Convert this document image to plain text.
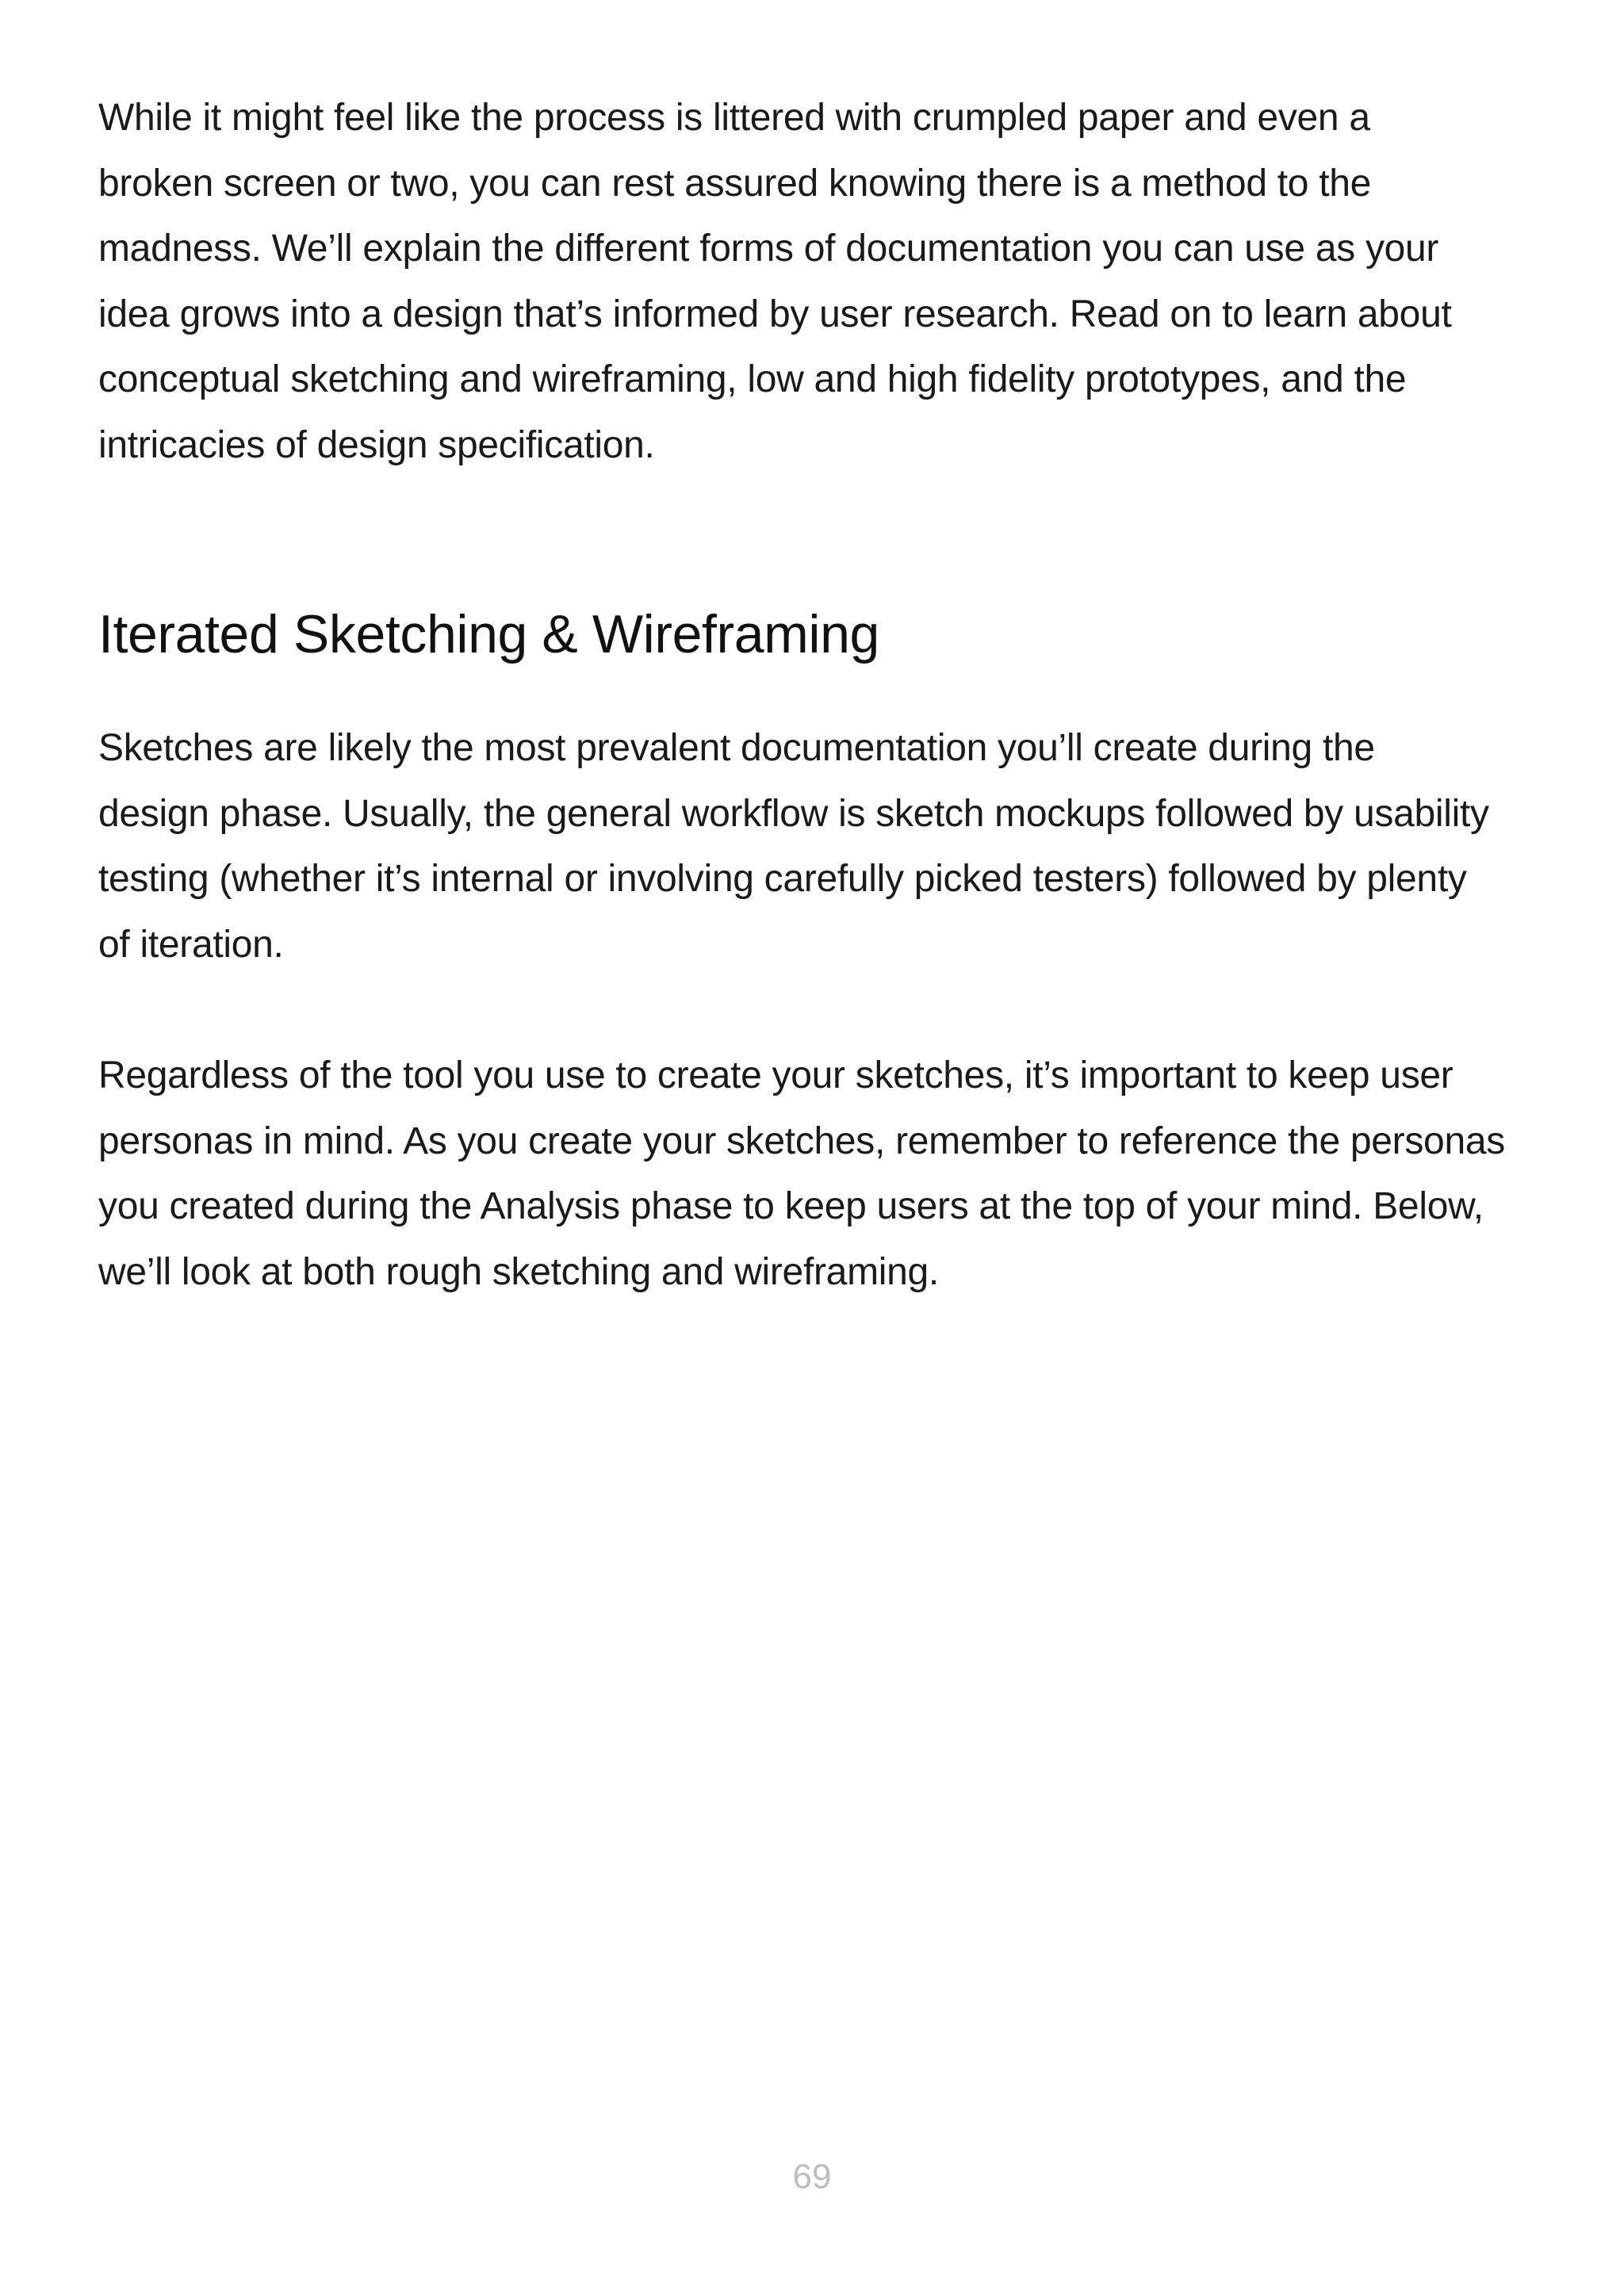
While it might feel like the process is littered with crumpled paper and even a
broken screen or two, you can rest assured knowing there is a method to the
madness. We’ll explain the different forms of documentation you can use as your
idea grows into a design that’s informed by user research. Read on to learn about
conceptual sketching and wireframing, low and high fidelity prototypes, and the
intricacies of design specification.

Iterated Sketching & Wireframing

Sketches are likely the most prevalent documentation you’ll create during the
design phase. Usually, the general workflow is sketch mockups followed by usability
testing (whether it’s internal or involving carefully picked testers) followed by plenty
of iteration.

Regardless of the tool you use to create your sketches, it’s important to keep user
personas in mind. As you create your sketches, remember to reference the personas
you created during the Analysis phase to keep users at the top of your mind. Below,
we’ll look at both rough sketching and wireframing.

69
